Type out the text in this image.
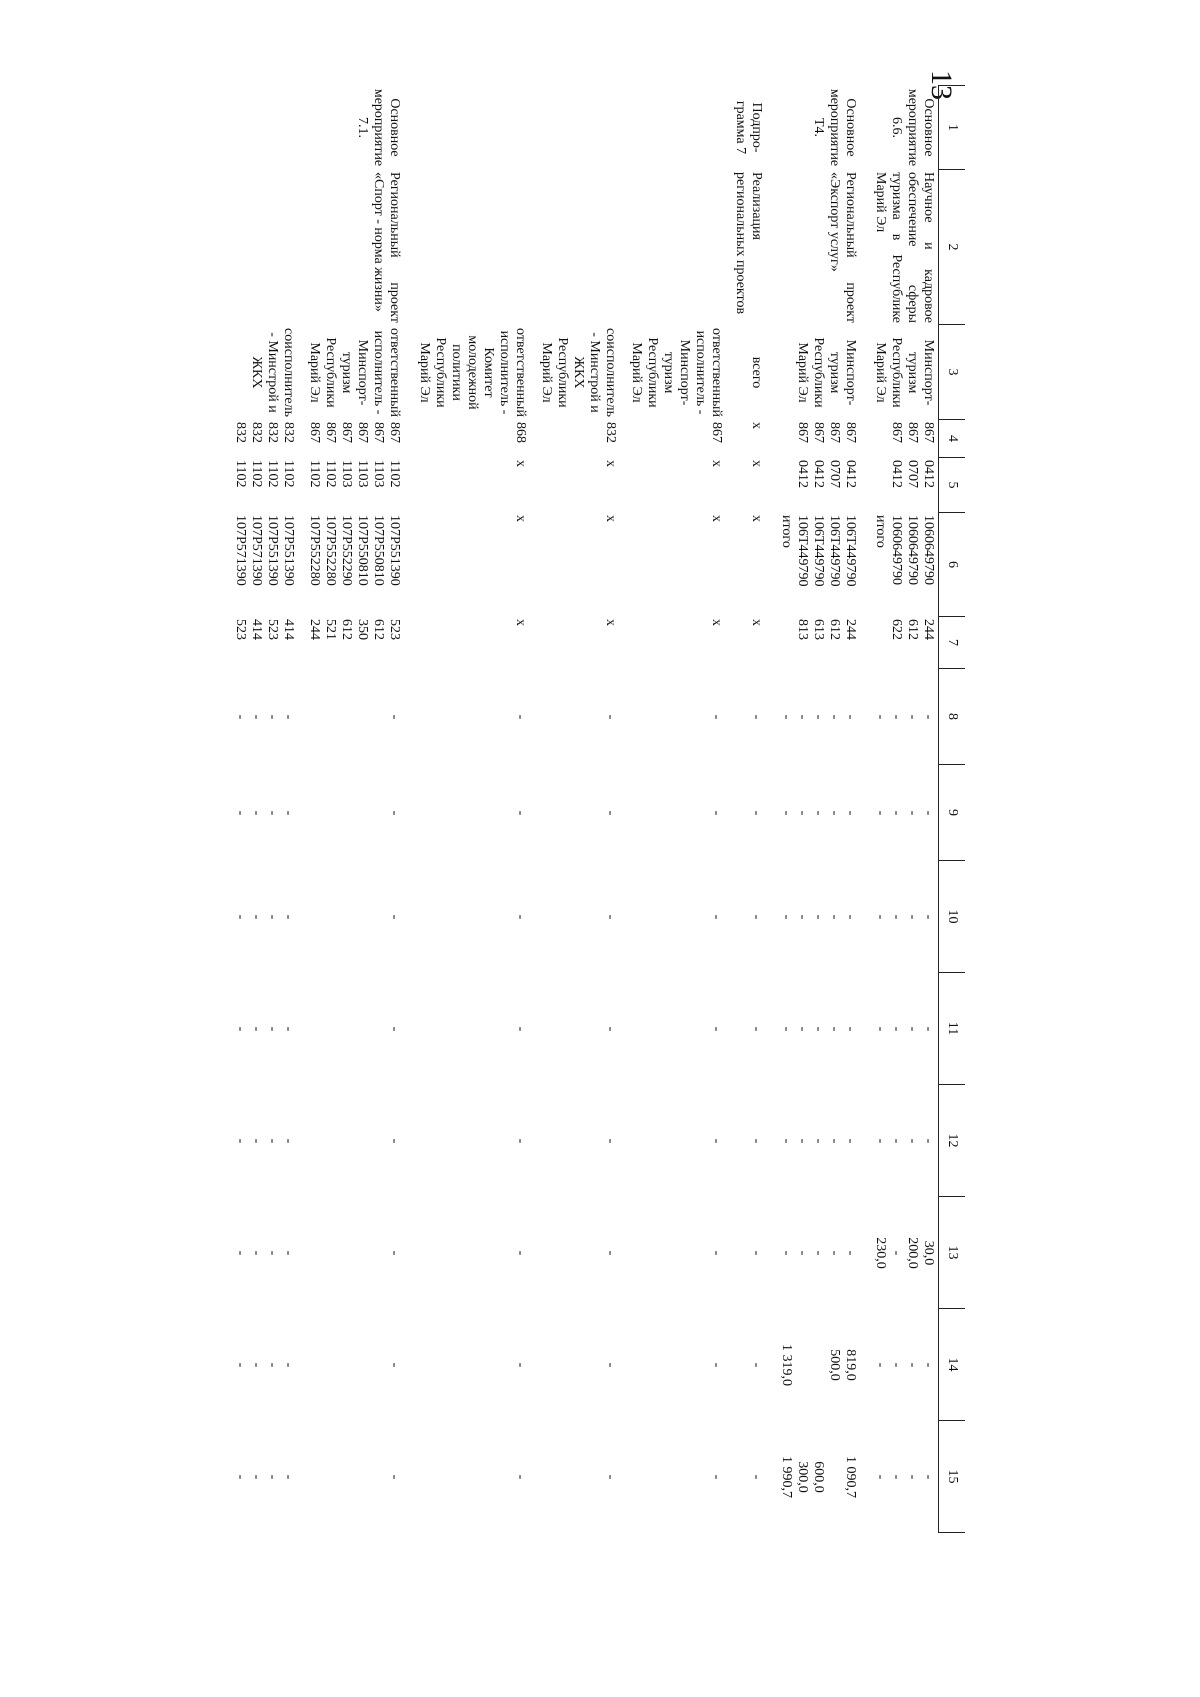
13
1
2
3
4
5
6
7
8
9
10
11
12
13
14
15
Основное мероприятие 6.6.
Научное и кадровое обеспечение сферы туризма в Республике Марий Эл
Минспорт-туризм Республики Марий Эл
867
867
867
0412
0707
0412
1060649790
1060649790
1060649790
итого
244
612
622
-
-
-
-
-
-
-
-
-
-
-
-
-
-
-
-
-
-
-
-
30,0
200,0
-
230,0
-
-
-
-
-
-
-
-
Основное мероприятие Т4.
Региональный проект «Экспорт услуг»
Минспорт-туризм Республики Марий Эл
867
867
867
867
0412
0707
0412
0412
106T449790
106T449790
106T449790
106T449790
итого
244
612
613
813
-
-
-
-
-
-
-
-
-
-
-
-
-
-
-
-
-
-
-
-
-
-
-
-
-
-
-
-
-
-
819,0
500,0

1 319,0
1 090,7

600,0
300,0
1 990,7
Подпро-грамма 7
Реализация региональных проектов
всего
х
х
х
х
-
-
-
-
-
-
-
-
ответственный исполнитель - Минспорт-туризм Республики Марий Эл
867
х
х
х
-
-
-
-
-
-
-
-
соисполнитель - Минстрой и ЖКХ Республики Марий Эл
832
х
х
х
-
-
-
-
-
-
-
-
ответственный исполнитель - Комитет молодежной политики Республики Марий Эл
868
х
х
х
-
-
-
-
-
-
-
-
Основное мероприятие 7.1.
Региональный проект «Спорт - норма жизни»
ответственный исполнитель - Минспорт-туризм Республики Марий Эл
867
867
867
867
867
867
1102
1103
1103
1103
1102
1102
107P551390
107P550810
107P550810
107P552290
107P552280
107P552280
523
612
350
612
521
244
-
-
-
-
-
-
-
-
соисполнитель - Минстрой и ЖКХ
832
832
832
832
1102
1102
1102
1102
107P551390
107P551390
107P571390
107P571390
414
523
414
523
-
-
-
-
-
-
-
-
-
-
-
-
-
-
-
-
-
-
-
-
-
-
-
-
-
-
-
-
-
-
-
-
